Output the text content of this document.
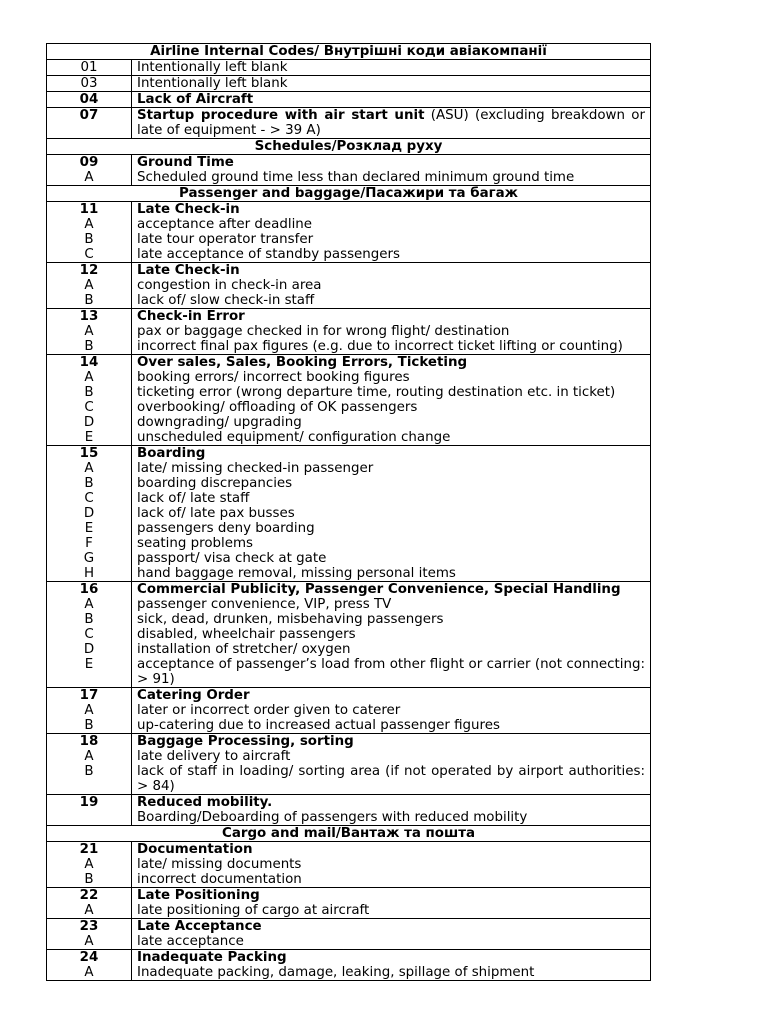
Airline Internal Codes/ Внутрішні коди авіакомпанії	
01	Intentionally left blank
03	Intentionally left blank
04	Lack of Aircraft
07	Startup procedure with air start unit (ASU) (excluding breakdown or late of equipment - > 39 A)
Schedules/Розклад руху	
09	Ground Time
A	Scheduled ground time less than declared minimum ground time
Passenger and baggage/Пасажири та багаж	
11	Late Check-in
A	acceptance after deadline
B	late tour operator transfer
C	late acceptance of standby passengers
12	Late Check-in
A	congestion in check-in area
B	lack of/ slow check-in staff
13	Check-in Error
A	pax or baggage checked in for wrong flight/ destination
B	incorrect final pax figures (e.g. due to incorrect ticket lifting or counting)
14	Over sales, Sales, Booking Errors, Ticketing
A	booking errors/ incorrect booking figures
B	ticketing error (wrong departure time, routing destination etc. in ticket)
C	overbooking/ offloading of OK passengers
D	downgrading/ upgrading
E	unscheduled equipment/ configuration change
15	Boarding
A	late/ missing checked-in passenger
B	boarding discrepancies
C	lack of/ late staff
D	lack of/ late pax busses
E	passengers deny boarding
F	seating problems
G	passport/ visa check at gate
H	hand baggage removal, missing personal items
16	Commercial Publicity, Passenger Convenience, Special Handling
A	passenger convenience, VIP, press TV
B	sick, dead, drunken, misbehaving passengers
C	disabled, wheelchair passengers
D	installation of stretcher/ oxygen
E	acceptance of passenger’s load from other flight or carrier (not connecting: > 91)
17	Catering Order
A	later or incorrect order given to caterer
B	up-catering due to increased actual passenger figures
18	Baggage Processing, sorting
A	late delivery to aircraft
B	lack of staff in loading/ sorting area (if not operated by airport authorities: > 84)
19	Reduced mobility.
	Boarding/Deboarding of passengers with reduced mobility
Cargo and mail/Вантаж та пошта	
21	Documentation
A	late/ missing documents
B	incorrect documentation
22	Late Positioning
A	late positioning of cargo at aircraft
23	Late Acceptance
A	late acceptance
24	Inadequate Packing
A	Inadequate packing, damage, leaking, spillage of shipment
